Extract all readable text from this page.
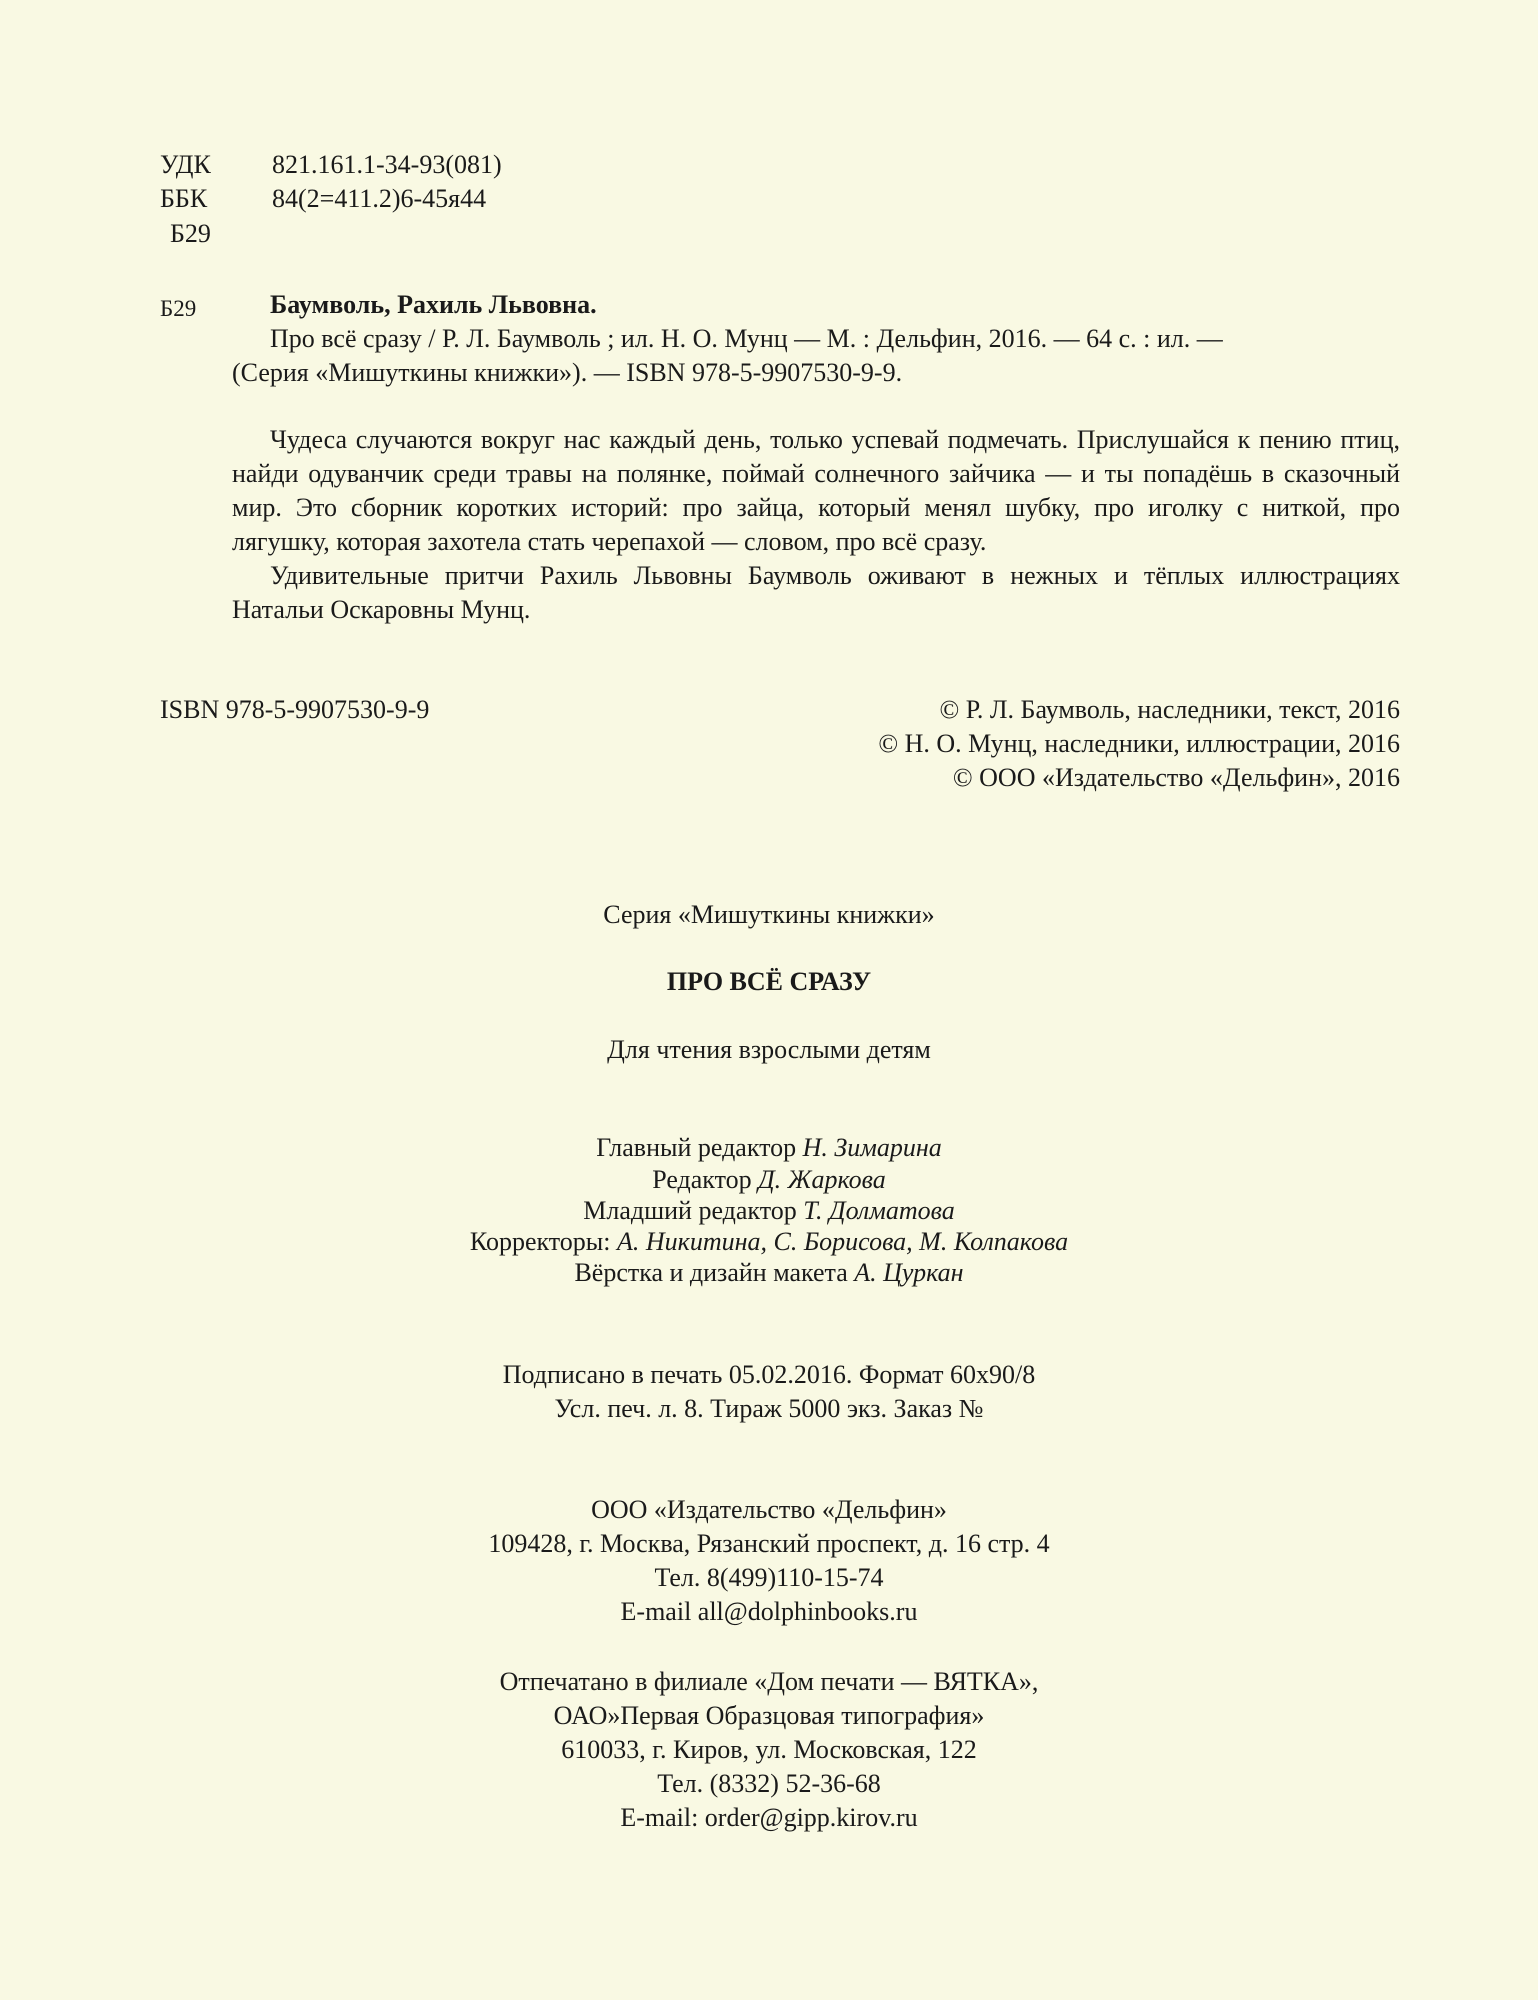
УДК 821.161.1-34-93(081)
ББК 84(2=411.2)6-45я44
Б29
Б29	Баумволь, Рахиль Львовна.
Про всё сразу / Р. Л. Баумволь ; ил. Н. О. Мунц — М. : Дельфин, 2016. — 64 с. : ил. —
(Серия «Мишуткины книжки»). — ISBN 978-5-9907530-9-9.

Чудеса случаются вокруг нас каждый день, только успевай подмечать. Прислушайся к пению птиц, найди одуванчик среди травы на полянке, поймай солнечного зайчика — и ты попадёшь в сказочный мир. Это сборник коротких историй: про зайца, который менял шубку, про иголку с ниткой, про лягушку, которая захотела стать черепахой — словом, про всё сразу.

Удивительные притчи Рахиль Львовны Баумволь оживают в нежных и тёплых иллюстрациях Натальи Оскаровны Мунц.

ISBN 978-5-9907530-9-9	© Р. Л. Баумволь, наследники, текст, 2016
© Н. О. Мунц, наследники, иллюстрации, 2016
© ООО «Издательство «Дельфин», 2016
Серия «Мишуткины книжки»
ПРО ВСЁ СРАЗУ
Для чтения взрослыми детям
Главный редактор Н. Зимарина
Редактор Д. Жаркова
Младший редактор Т. Долматова
Корректоры: А. Никитина, С. Борисова, М. Колпакова
Вёрстка и дизайн макета А. Цуркан
Подписано в печать 05.02.2016. Формат 60x90/8
Усл. печ. л. 8. Тираж 5000 экз. Заказ №
ООО «Издательство «Дельфин»
109428, г. Москва, Рязанский проспект, д. 16 стр. 4
Тел. 8(499)110-15-74
E-mail all@dolphinbooks.ru
Отпечатано в филиале «Дом печати — ВЯТКА»,
ОАО»Первая Образцовая типография»
610033, г. Киров, ул. Московская, 122
Тел. (8332) 52-36-68
E-mail: order@gipp.kirov.ru
